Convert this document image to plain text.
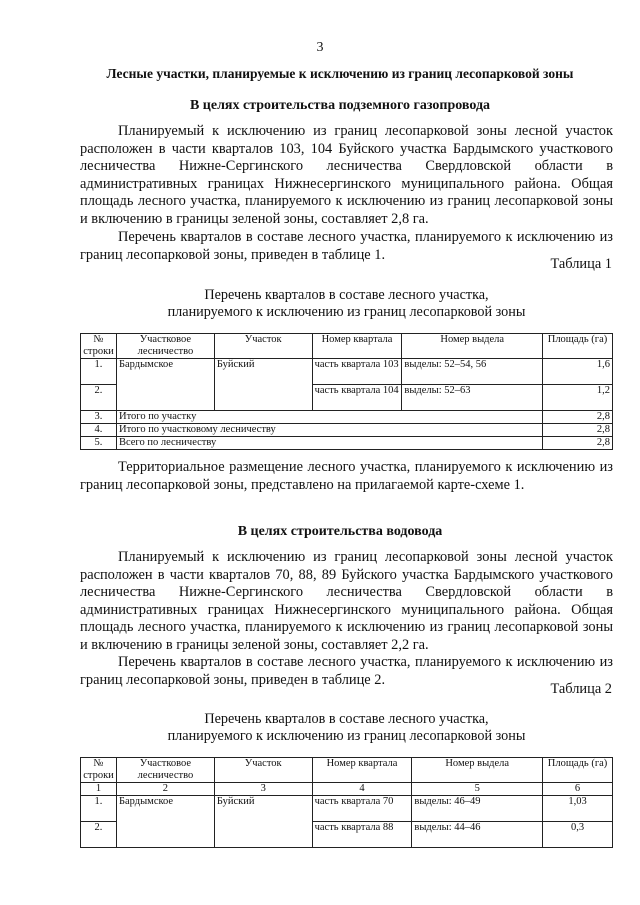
3
Лесные участки, планируемые к исключению из границ лесопарковой зоны
В целях строительства подземного газопровода
Планируемый к исключению из границ лесопарковой зоны лесной участок расположен в части кварталов 103, 104 Буйского участка Бардымского участкового лесничества Нижне-Сергинского лесничества Свердловской области в административных границах Нижнесергинского муниципального района. Общая площадь лесного участка, планируемого к исключению из границ лесопарковой зоны и включению в границы зеленой зоны, составляет 2,8 га.
Перечень кварталов в составе лесного участка, планируемого к исключению из границ лесопарковой зоны, приведен в таблице 1.
Таблица 1
Перечень кварталов в составе лесного участка,
планируемого к исключению из границ лесопарковой зоны
№ строки	Участковое лесничество	Участок	Номер квартала	Номер выдела	Площадь (га)
1.	Бардымское	Буйский	часть квартала 103	выделы: 52–54, 56	1,6
2.			часть квартала 104	выделы: 52–63	1,2
3.	Итого по участку				2,8
4.	Итого по участковому лесничеству				2,8
5.	Всего по лесничеству				2,8
Территориальное размещение лесного участка, планируемого к исключению из границ лесопарковой зоны, представлено на прилагаемой карте-схеме 1.
В целях строительства водовода
Планируемый к исключению из границ лесопарковой зоны лесной участок расположен в части кварталов 70, 88, 89 Буйского участка Бардымского участкового лесничества Нижне-Сергинского лесничества Свердловской области в административных границах Нижнесергинского муниципального района. Общая площадь лесного участка, планируемого к исключению из границ лесопарковой зоны и включению в границы зеленой зоны, составляет 2,2 га.
Перечень кварталов в составе лесного участка, планируемого к исключению из границ лесопарковой зоны, приведен в таблице 2.
Таблица 2
Перечень кварталов в составе лесного участка,
планируемого к исключению из границ лесопарковой зоны
№ строки	Участковое лесничество	Участок	Номер квартала	Номер выдела	Площадь (га)
1	2	3	4	5	6
1.	Бардымское	Буйский	часть квартала 70	выделы: 46–49	1,03
2.			часть квартала 88	выделы: 44–46	0,3
